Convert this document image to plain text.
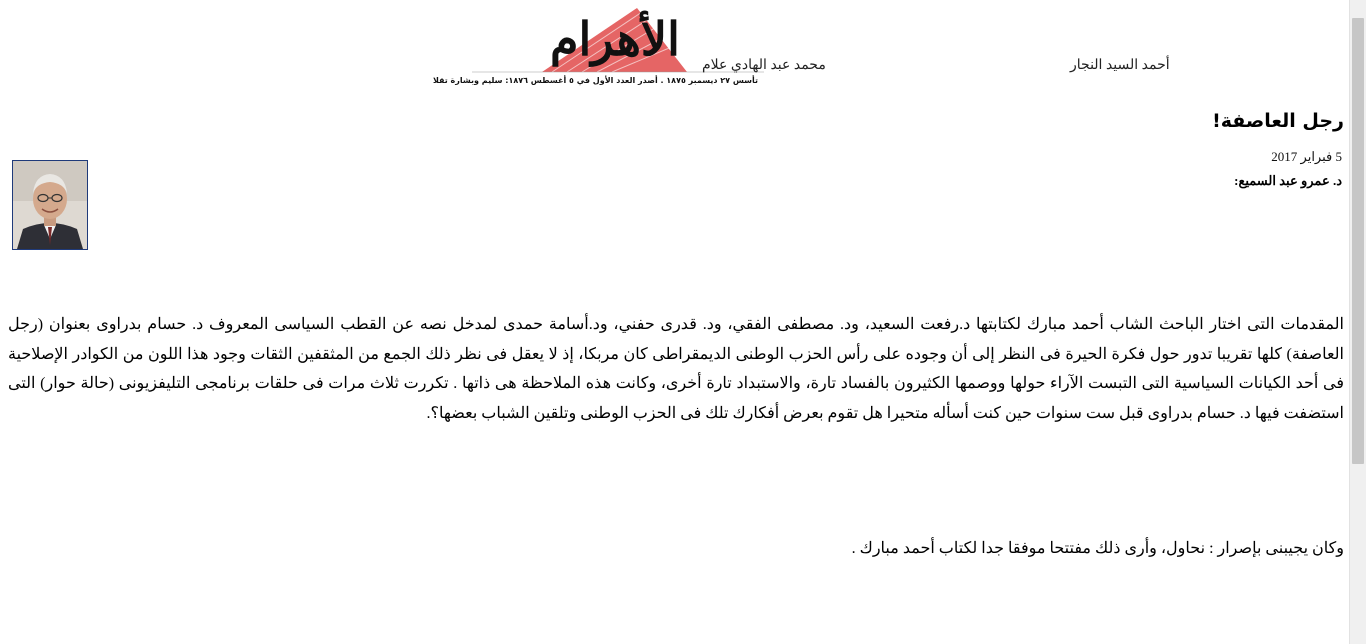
الأهرام
تأسس ٢٧ ديسمبر ١٨٧٥ . أصدر العدد الأول في ٥ أغسطس ١٨٧٦: سليم وبشارة تقلا
محمد عبد الهادي علام	أحمد السيد النجار
رجل العاصفة!
5 فبراير 2017
د. عمرو عبد السميع:

المقدمات التى اختار الباحث الشاب أحمد مبارك لكتابتها د.رفعت السعيد، ود. مصطفى الفقي، ود. قدرى حفني، ود.أسامة حمدى لمدخل نصه عن القطب السياسى المعروف د. حسام بدراوى بعنوان (رجل العاصفة) كلها تقريبا تدور حول فكرة الحيرة فى النظر إلى أن وجوده على رأس الحزب الوطنى الديمقراطى كان مربكا، إذ لا يعقل فى نظر ذلك الجمع من المثقفين الثقات وجود هذا اللون من الكوادر الإصلاحية فى أحد الكيانات السياسية التى التبست الآراء حولها ووصمها الكثيرون بالفساد تارة، والاستبداد تارة أخرى، وكانت هذه الملاحظة هى ذاتها . تكررت ثلاث مرات فى حلقات برنامجى التليفزيونى (حالة حوار) التى استضفت فيها د. حسام بدراوى قبل ست سنوات حين كنت أسأله متحيرا هل تقوم بعرض أفكارك تلك فى الحزب الوطنى وتلقين الشباب بعضها؟.

وكان يجيبنى بإصرار : نحاول، وأرى ذلك مفتتحا موفقا جدا لكتاب أحمد مبارك .
